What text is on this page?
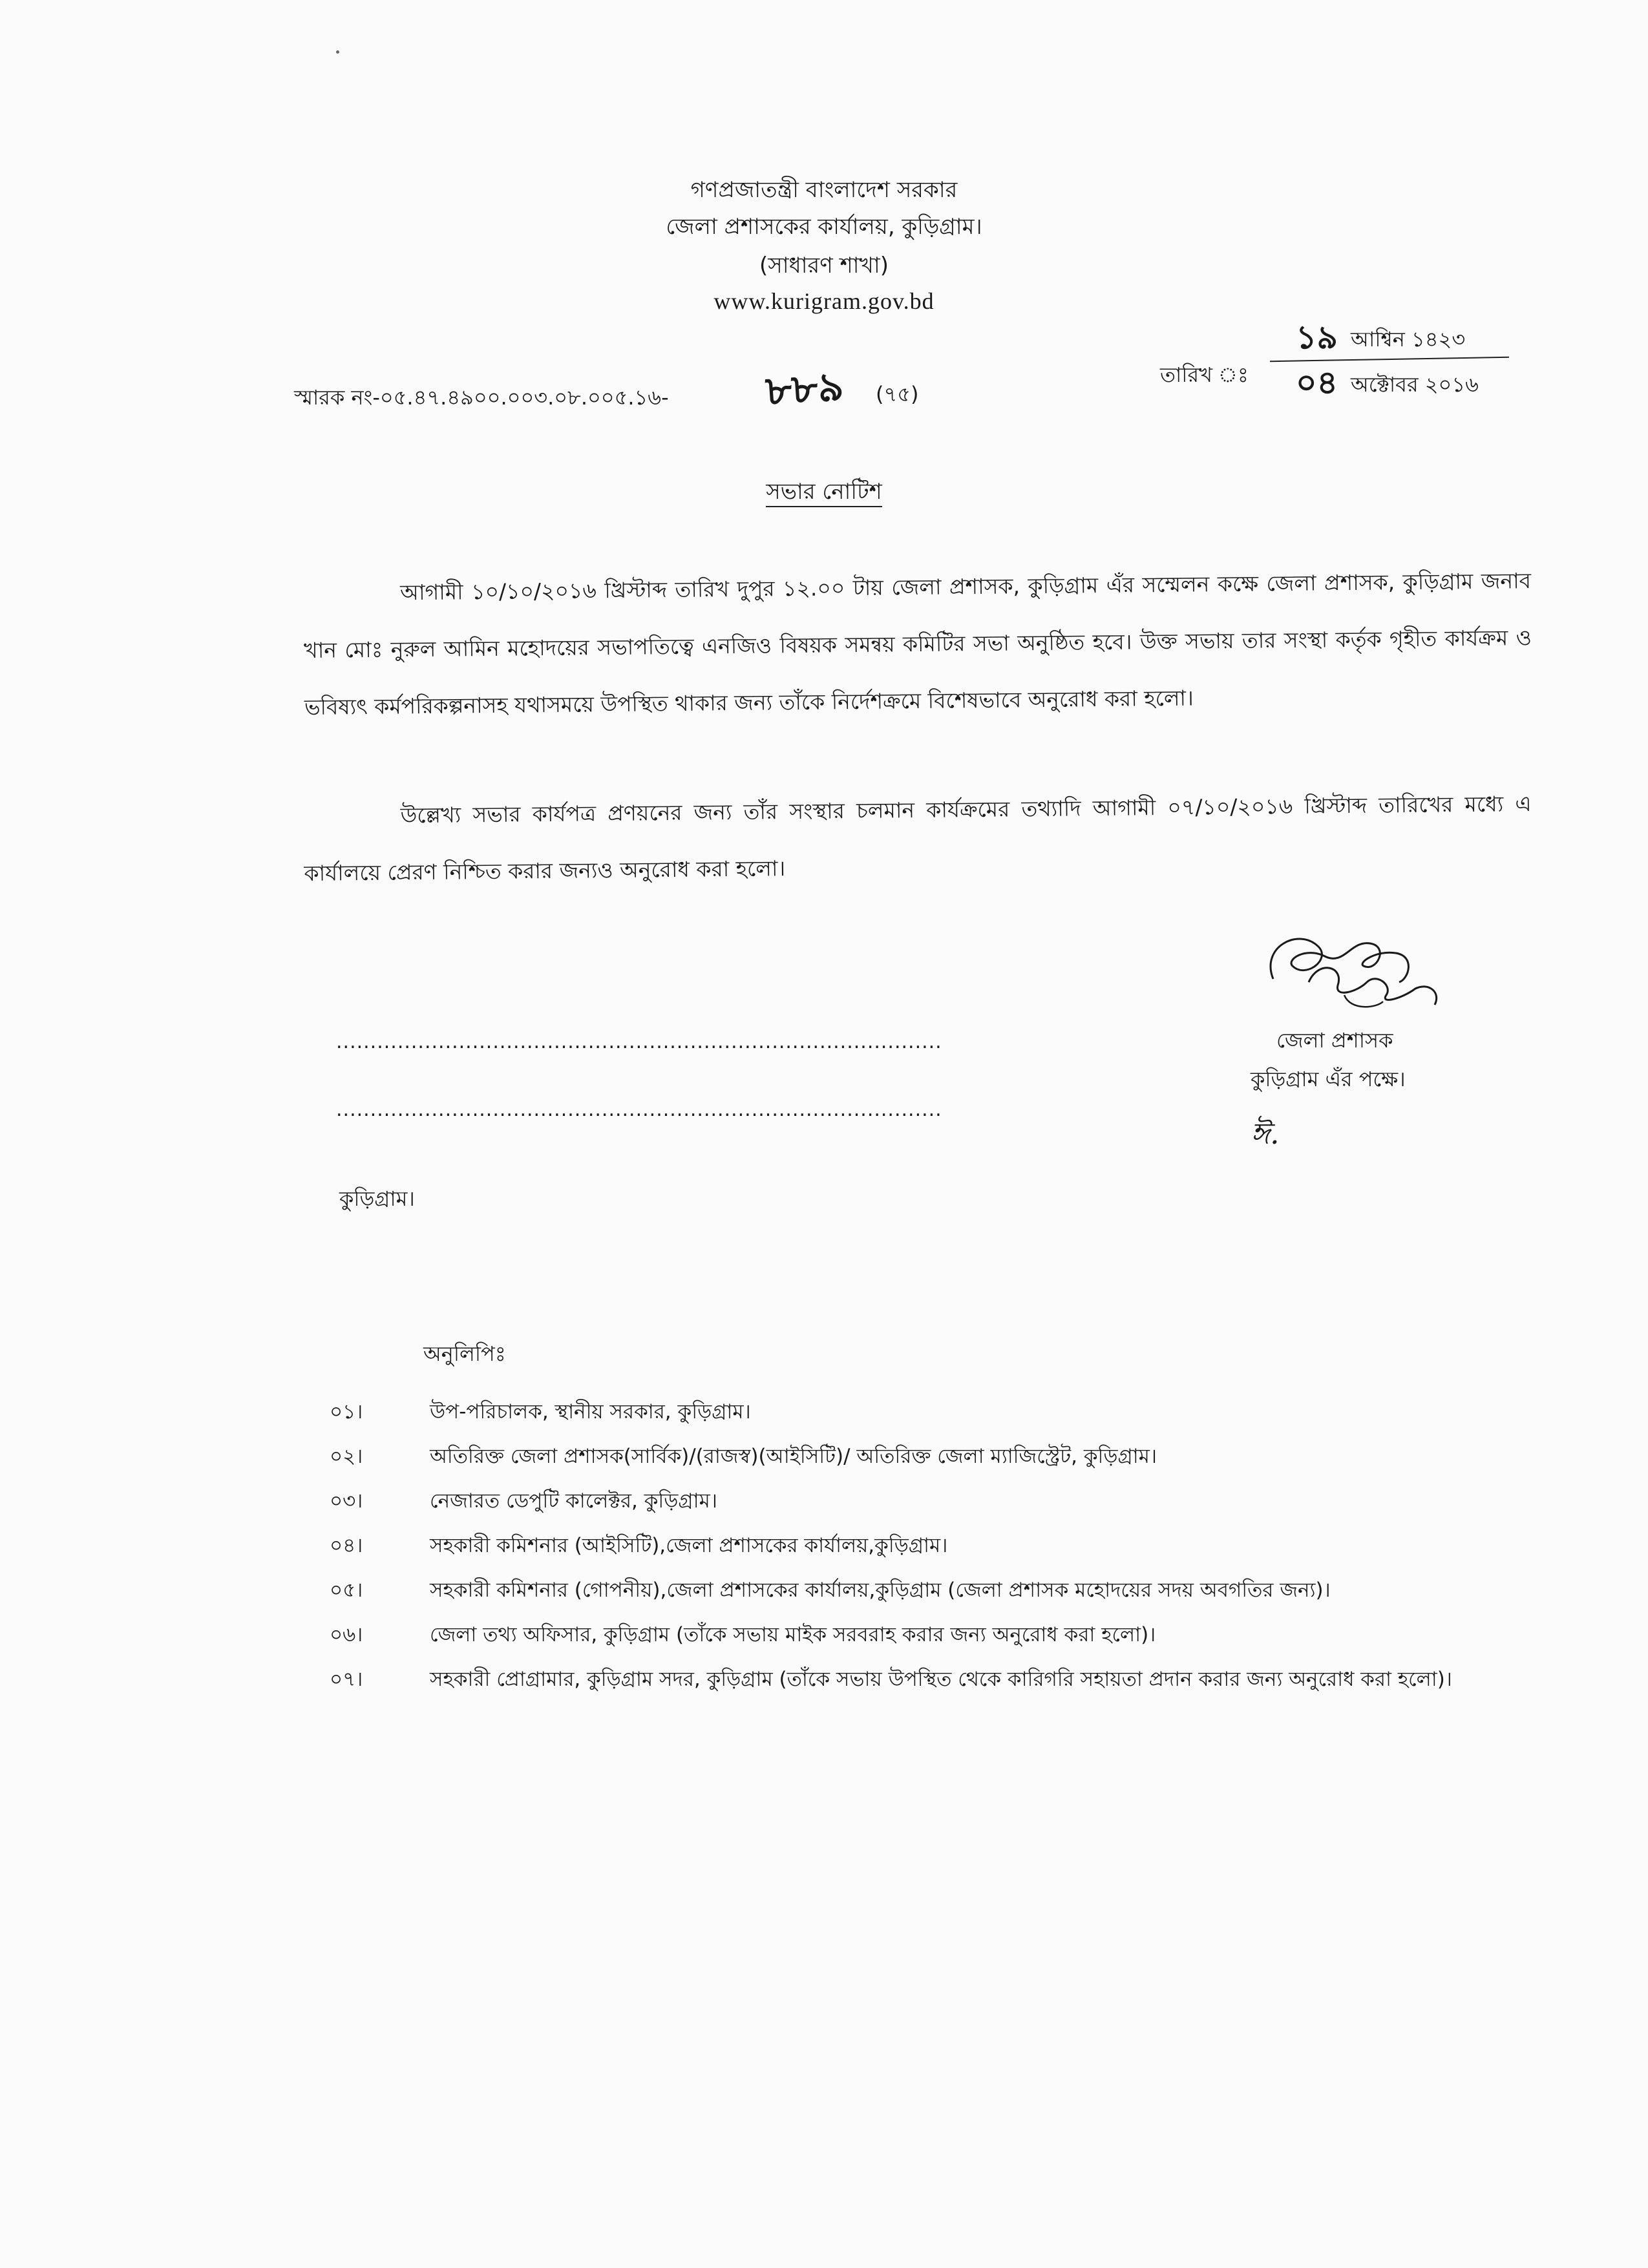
গণপ্রজাতন্ত্রী বাংলাদেশ সরকার
জেলা প্রশাসকের কার্যালয়, কুড়িগ্রাম।
(সাধারণ শাখা)
www.kurigram.gov.bd
স্মারক নং-০৫.৪৭.৪৯০০.০০৩.০৮.০০৫.১৬- ৮৮৯ (৭৫)
তারিখ ঃ
১৯ আশ্বিন ১৪২৩
০৪ অক্টোবর ২০১৬
সভার নোটিশ
আগামী ১০/১০/২০১৬ খ্রিস্টাব্দ তারিখ দুপুর ১২.০০ টায় জেলা প্রশাসক, কুড়িগ্রাম এঁর সম্মেলন কক্ষে জেলা প্রশাসক, কুড়িগ্রাম জনাব খান মোঃ নুরুল আমিন মহোদয়ের সভাপতিত্বে এনজিও বিষয়ক সমন্বয় কমিটির সভা অনুষ্ঠিত হবে। উক্ত সভায় তার সংস্থা কর্তৃক গৃহীত কার্যক্রম ও ভবিষ্যৎ কর্মপরিকল্পনাসহ যথাসময়ে উপস্থিত থাকার জন্য তাঁকে নির্দেশক্রমে বিশেষভাবে অনুরোধ করা হলো।
উল্লেখ্য সভার কার্যপত্র প্রণয়নের জন্য তাঁর সংস্থার চলমান কার্যক্রমের তথ্যাদি আগামী ০৭/১০/২০১৬ খ্রিস্টাব্দ তারিখের মধ্যে এ কার্যালয়ে প্রেরণ নিশ্চিত করার জন্যও অনুরোধ করা হলো।
জেলা প্রশাসক
কুড়িগ্রাম এঁর পক্ষে।
ঈ.
.........................................................................................
.........................................................................................
কুড়িগ্রাম।
অনুলিপিঃ
০১।	উপ-পরিচালক, স্থানীয় সরকার, কুড়িগ্রাম।
০২।	অতিরিক্ত জেলা প্রশাসক(সার্বিক)/(রাজস্ব)(আইসিটি)/ অতিরিক্ত জেলা ম্যাজিস্ট্রেট, কুড়িগ্রাম।
০৩।	নেজারত ডেপুটি কালেক্টর, কুড়িগ্রাম।
০৪।	সহকারী কমিশনার (আইসিটি),জেলা প্রশাসকের কার্যালয়,কুড়িগ্রাম।
০৫।	সহকারী কমিশনার (গোপনীয়),জেলা প্রশাসকের কার্যালয়,কুড়িগ্রাম (জেলা প্রশাসক মহোদয়ের সদয় অবগতির জন্য)।
০৬।	জেলা তথ্য অফিসার, কুড়িগ্রাম (তাঁকে সভায় মাইক সরবরাহ করার জন্য অনুরোধ করা হলো)।
০৭।	সহকারী প্রোগ্রামার, কুড়িগ্রাম সদর, কুড়িগ্রাম (তাঁকে সভায় উপস্থিত থেকে কারিগরি সহায়তা প্রদান করার জন্য অনুরোধ করা হলো)।
